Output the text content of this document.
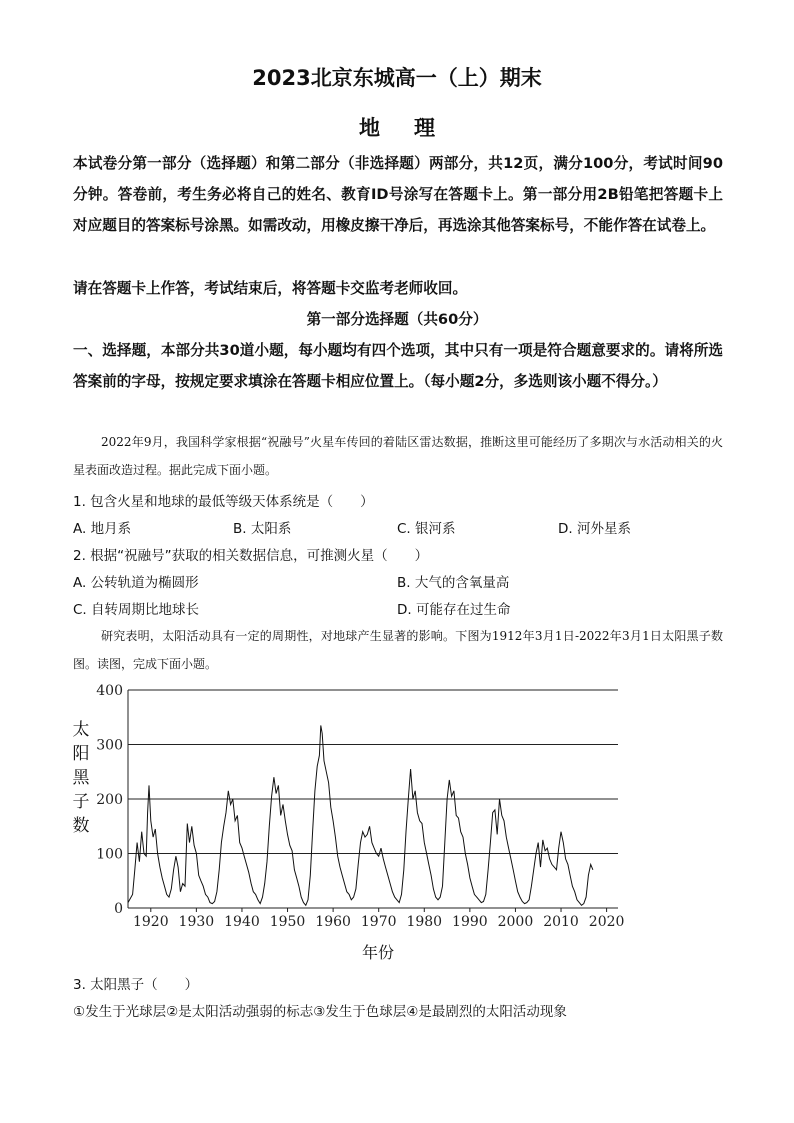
2023北京东城高一（上）期末
地理
本试卷分第一部分（选择题）和第二部分（非选择题）两部分，共12页，满分100分，考试时间90分钟。答卷前，考生务必将自己的姓名、教育ID号涂写在答题卡上。第一部分用2B铅笔把答题卡上对应题目的答案标号涂黑。如需改动，用橡皮擦干净后，再选涂其他答案标号，不能作答在试卷上。
请在答题卡上作答，考试结束后，将答题卡交监考老师收回。
第一部分选择题（共60分）
一、选择题，本部分共30道小题，每小题均有四个选项，其中只有一项是符合题意要求的。请将所选答案前的字母，按规定要求填涂在答题卡相应位置上。（每小题2分，多选则该小题不得分。）
2022年9月，我国科学家根据“祝融号”火星车传回的着陆区雷达数据，推断这里可能经历了多期次与水活动相关的火星表面改造过程。据此完成下面小题。
1. 包含火星和地球的最低等级天体系统是（　　）
A. 地月系	B. 太阳系	C. 银河系	D. 河外星系
2. 根据“祝融号”获取的相关数据信息，可推测火星（　　）
A. 公转轨道为椭圆形	B. 大气的含氧量高
C. 自转周期比地球长	D. 可能存在过生命
研究表明，太阳活动具有一定的周期性，对地球产生显著的影响。下图为1912年3月1日-2022年3月1日太阳黑子数图。读图，完成下面小题。
0
100
200
300
400
1920 1930 1940 1950 1960 1970 1980 1990 2000 2010 2020
太阳黑子数
年份
3. 太阳黑子（　　）
①发生于光球层②是太阳活动强弱的标志③发生于色球层④是最剧烈的太阳活动现象
